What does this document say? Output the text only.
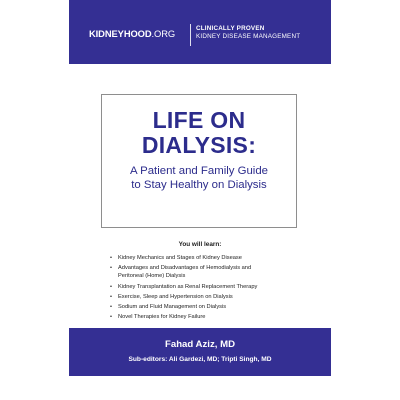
KIDNEYHOOD.ORG	CLINICALLY PROVEN
KIDNEY DISEASE MANAGEMENT
LIFE ON
DIALYSIS:
A Patient and Family Guide
to Stay Healthy on Dialysis
You will learn:
• Kidney Mechanics and Stages of Kidney Disease
• Advantages and Disadvantages of Hemodialysis and
Peritoneal (Home) Dialysis
• Kidney Transplantation as Renal Replacement Therapy
• Exercise, Sleep and Hypertension on Dialysis
• Sodium and Fluid Management on Dialysis
• Novel Therapies for Kidney Failure
Fahad Aziz, MD
Sub-editors: Ali Gardezi, MD; Tripti Singh, MD
